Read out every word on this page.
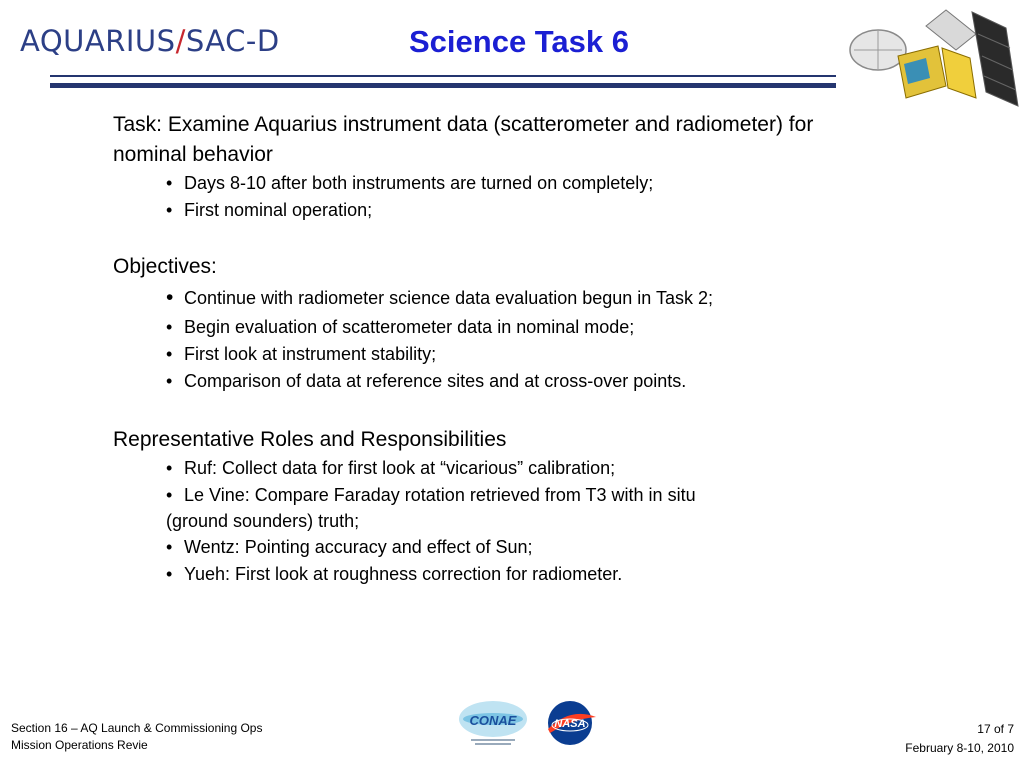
AQUARIUS/SAC-D	Science Task 6

Task: Examine Aquarius instrument data (scatterometer and radiometer) for nominal behavior

• Days 8-10 after both instruments are turned on completely;

• First nominal operation;

Objectives:

• Continue with radiometer science data evaluation begun in Task 2;

• Begin evaluation of scatterometer data in nominal mode;

• First look at instrument stability;

• Comparison of data at reference sites and at cross-over points.

Representative Roles and Responsibilities

• Ruf: Collect data for first look at “vicarious” calibration;

• Le Vine: Compare Faraday rotation retrieved from T3 with in situ

(ground sounders) truth;

• Wentz: Pointing accuracy and effect of Sun;

• Yueh: First look at roughness correction for radiometer.

Section 16 – AQ Launch & Commissioning Ops
Mission Operations Revie
CONAE	NASA	17 of 7
February 8-10, 2010
